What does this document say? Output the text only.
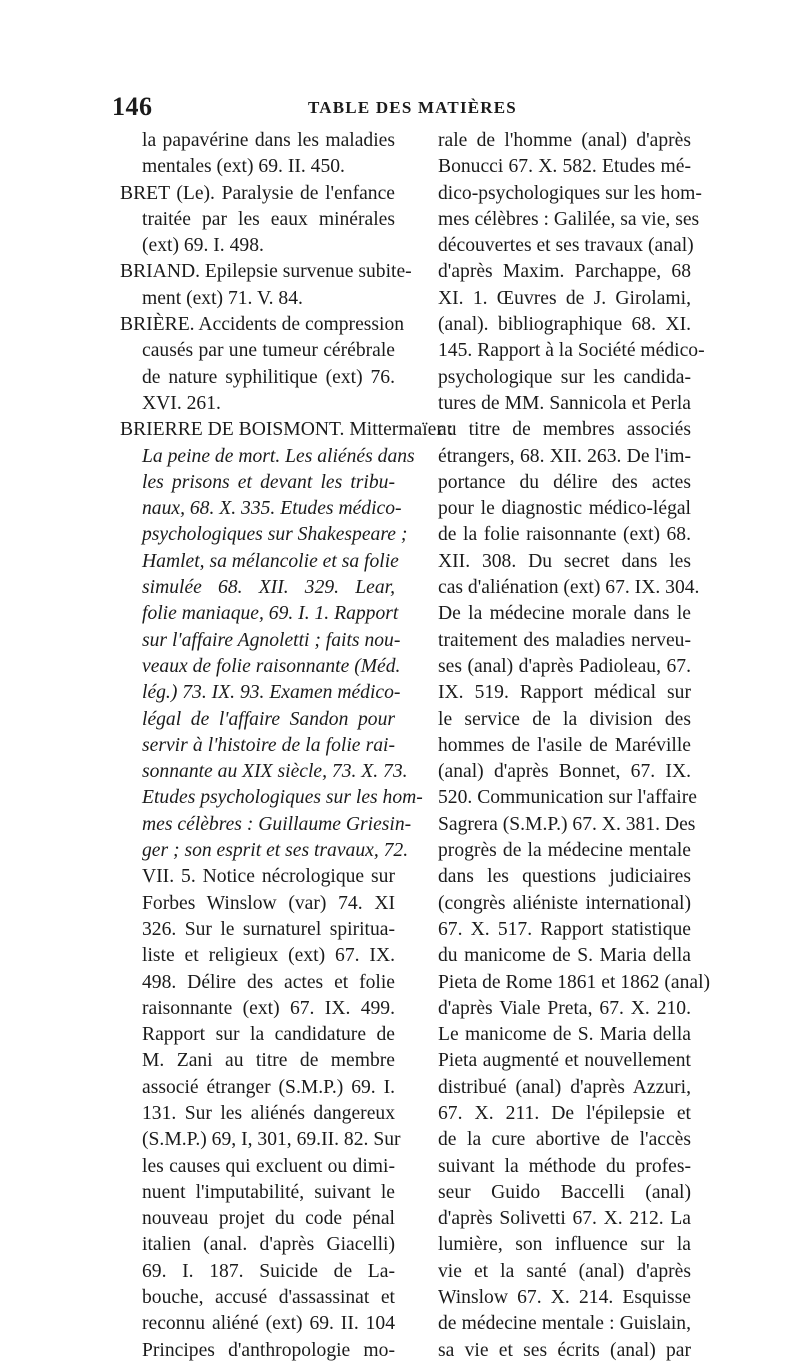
146	TABLE DES MATIÈRES
la papavérine dans les maladies
mentales (ext) 69. II. 450.
BRET (Le). Paralysie de l'enfance
traitée par les eaux minérales
(ext) 69. I. 498.
BRIAND. Epilepsie survenue subite-
ment (ext) 71. V. 84.
BRIÈRE. Accidents de compression
causés par une tumeur cérébrale
de nature syphilitique (ext) 76.
XVI. 261.
BRIERRE DE BOISMONT. Mittermaïer :
La peine de mort. Les aliénés dans
les prisons et devant les tribu-
naux, 68. X. 335. Etudes médico-
psychologiques sur Shakespeare ;
Hamlet, sa mélancolie et sa folie
simulée 68. XII. 329. Lear,
folie maniaque, 69. I. 1. Rapport
sur l'affaire Agnoletti ; faits nou-
veaux de folie raisonnante (Méd.
lég.) 73. IX. 93. Examen médico-
légal de l'affaire Sandon pour
servir à l'histoire de la folie rai-
sonnante au XIX siècle, 73. X. 73.
Etudes psychologiques sur les hom-
mes célèbres : Guillaume Griesin-
ger ; son esprit et ses travaux, 72.
VII. 5. Notice nécrologique sur
Forbes Winslow (var) 74. XI
326. Sur le surnaturel spiritua-
liste et religieux (ext) 67. IX.
498. Délire des actes et folie
raisonnante (ext) 67. IX. 499.
Rapport sur la candidature de
M. Zani au titre de membre
associé étranger (S.M.P.) 69. I.
131. Sur les aliénés dangereux
(S.M.P.) 69, I, 301, 69.II. 82. Sur
les causes qui excluent ou dimi-
nuent l'imputabilité, suivant le
nouveau projet du code pénal
italien (anal. d'après Giacelli)
69. I. 187. Suicide de La-
bouche, accusé d'assassinat et
reconnu aliéné (ext) 69. II. 104
Principes d'anthropologie mo-
rale de l'homme (anal) d'après
Bonucci 67. X. 582. Etudes mé-
dico-psychologiques sur les hom-
mes célèbres : Galilée, sa vie, ses
découvertes et ses travaux (anal)
d'après Maxim. Parchappe, 68
XI. 1. Œuvres de J. Girolami,
(anal). bibliographique 68. XI.
145. Rapport à la Société médico-
psychologique sur les candida-
tures de MM. Sannicola et Perla
au titre de membres associés
étrangers, 68. XII. 263. De l'im-
portance du délire des actes
pour le diagnostic médico-légal
de la folie raisonnante (ext) 68.
XII. 308. Du secret dans les
cas d'aliénation (ext) 67. IX. 304.
De la médecine morale dans le
traitement des maladies nerveu-
ses (anal) d'après Padioleau, 67.
IX. 519. Rapport médical sur
le service de la division des
hommes de l'asile de Maréville
(anal) d'après Bonnet, 67. IX.
520. Communication sur l'affaire
Sagrera (S.M.P.) 67. X. 381. Des
progrès de la médecine mentale
dans les questions judiciaires
(congrès aliéniste international)
67. X. 517. Rapport statistique
du manicome de S. Maria della
Pieta de Rome 1861 et 1862 (anal)
d'après Viale Preta, 67. X. 210.
Le manicome de S. Maria della
Pieta augmenté et nouvellement
distribué (anal) d'après Azzuri,
67. X. 211. De l'épilepsie et
de la cure abortive de l'accès
suivant la méthode du profes-
seur Guido Baccelli (anal)
d'après Solivetti 67. X. 212. La
lumière, son influence sur la
vie et la santé (anal) d'après
Winslow 67. X. 214. Esquisse
de médecine mentale : Guislain,
sa vie et ses écrits (anal) par
